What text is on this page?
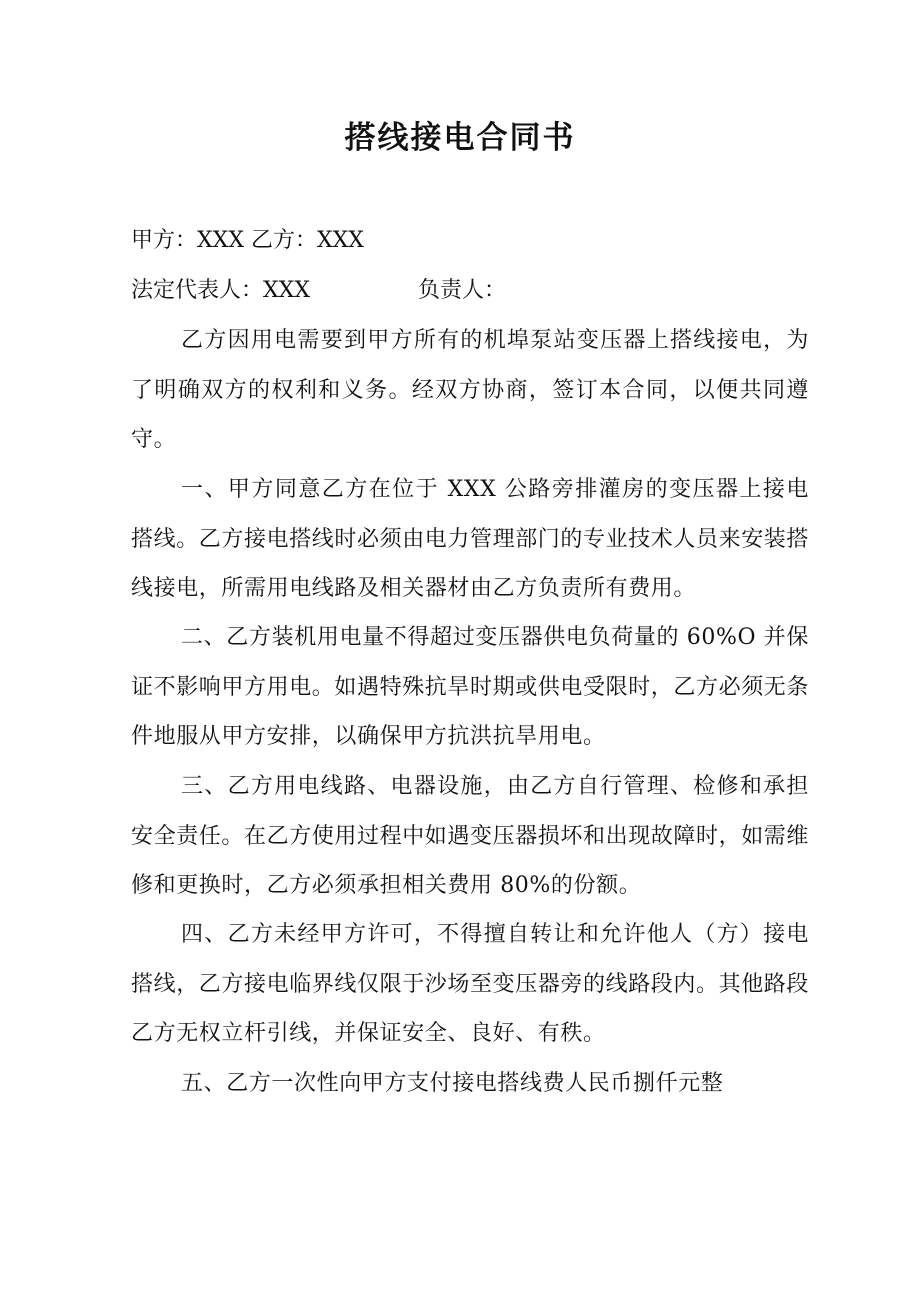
搭线接电合同书
甲方：XXX 乙方：XXX
法定代表人：XXX	负责人：
乙方因用电需要到甲方所有的机埠泵站变压器上搭线接电，为了明确双方的权利和义务。经双方协商，签订本合同，以便共同遵守。
一、甲方同意乙方在位于 XXX 公路旁排灌房的变压器上接电搭线。乙方接电搭线时必须由电力管理部门的专业技术人员来安装搭线接电，所需用电线路及相关器材由乙方负责所有费用。
二、乙方装机用电量不得超过变压器供电负荷量的 60%O 并保证不影响甲方用电。如遇特殊抗旱时期或供电受限时，乙方必须无条件地服从甲方安排，以确保甲方抗洪抗旱用电。
三、乙方用电线路、电器设施，由乙方自行管理、检修和承担安全责任。在乙方使用过程中如遇变压器损坏和出现故障时，如需维修和更换时，乙方必须承担相关费用 80%的份额。
四、乙方未经甲方许可，不得擅自转让和允许他人（方）接电搭线，乙方接电临界线仅限于沙场至变压器旁的线路段内。其他路段乙方无权立杆引线，并保证安全、良好、有秩。
五、乙方一次性向甲方支付接电搭线费人民币捌仟元整
